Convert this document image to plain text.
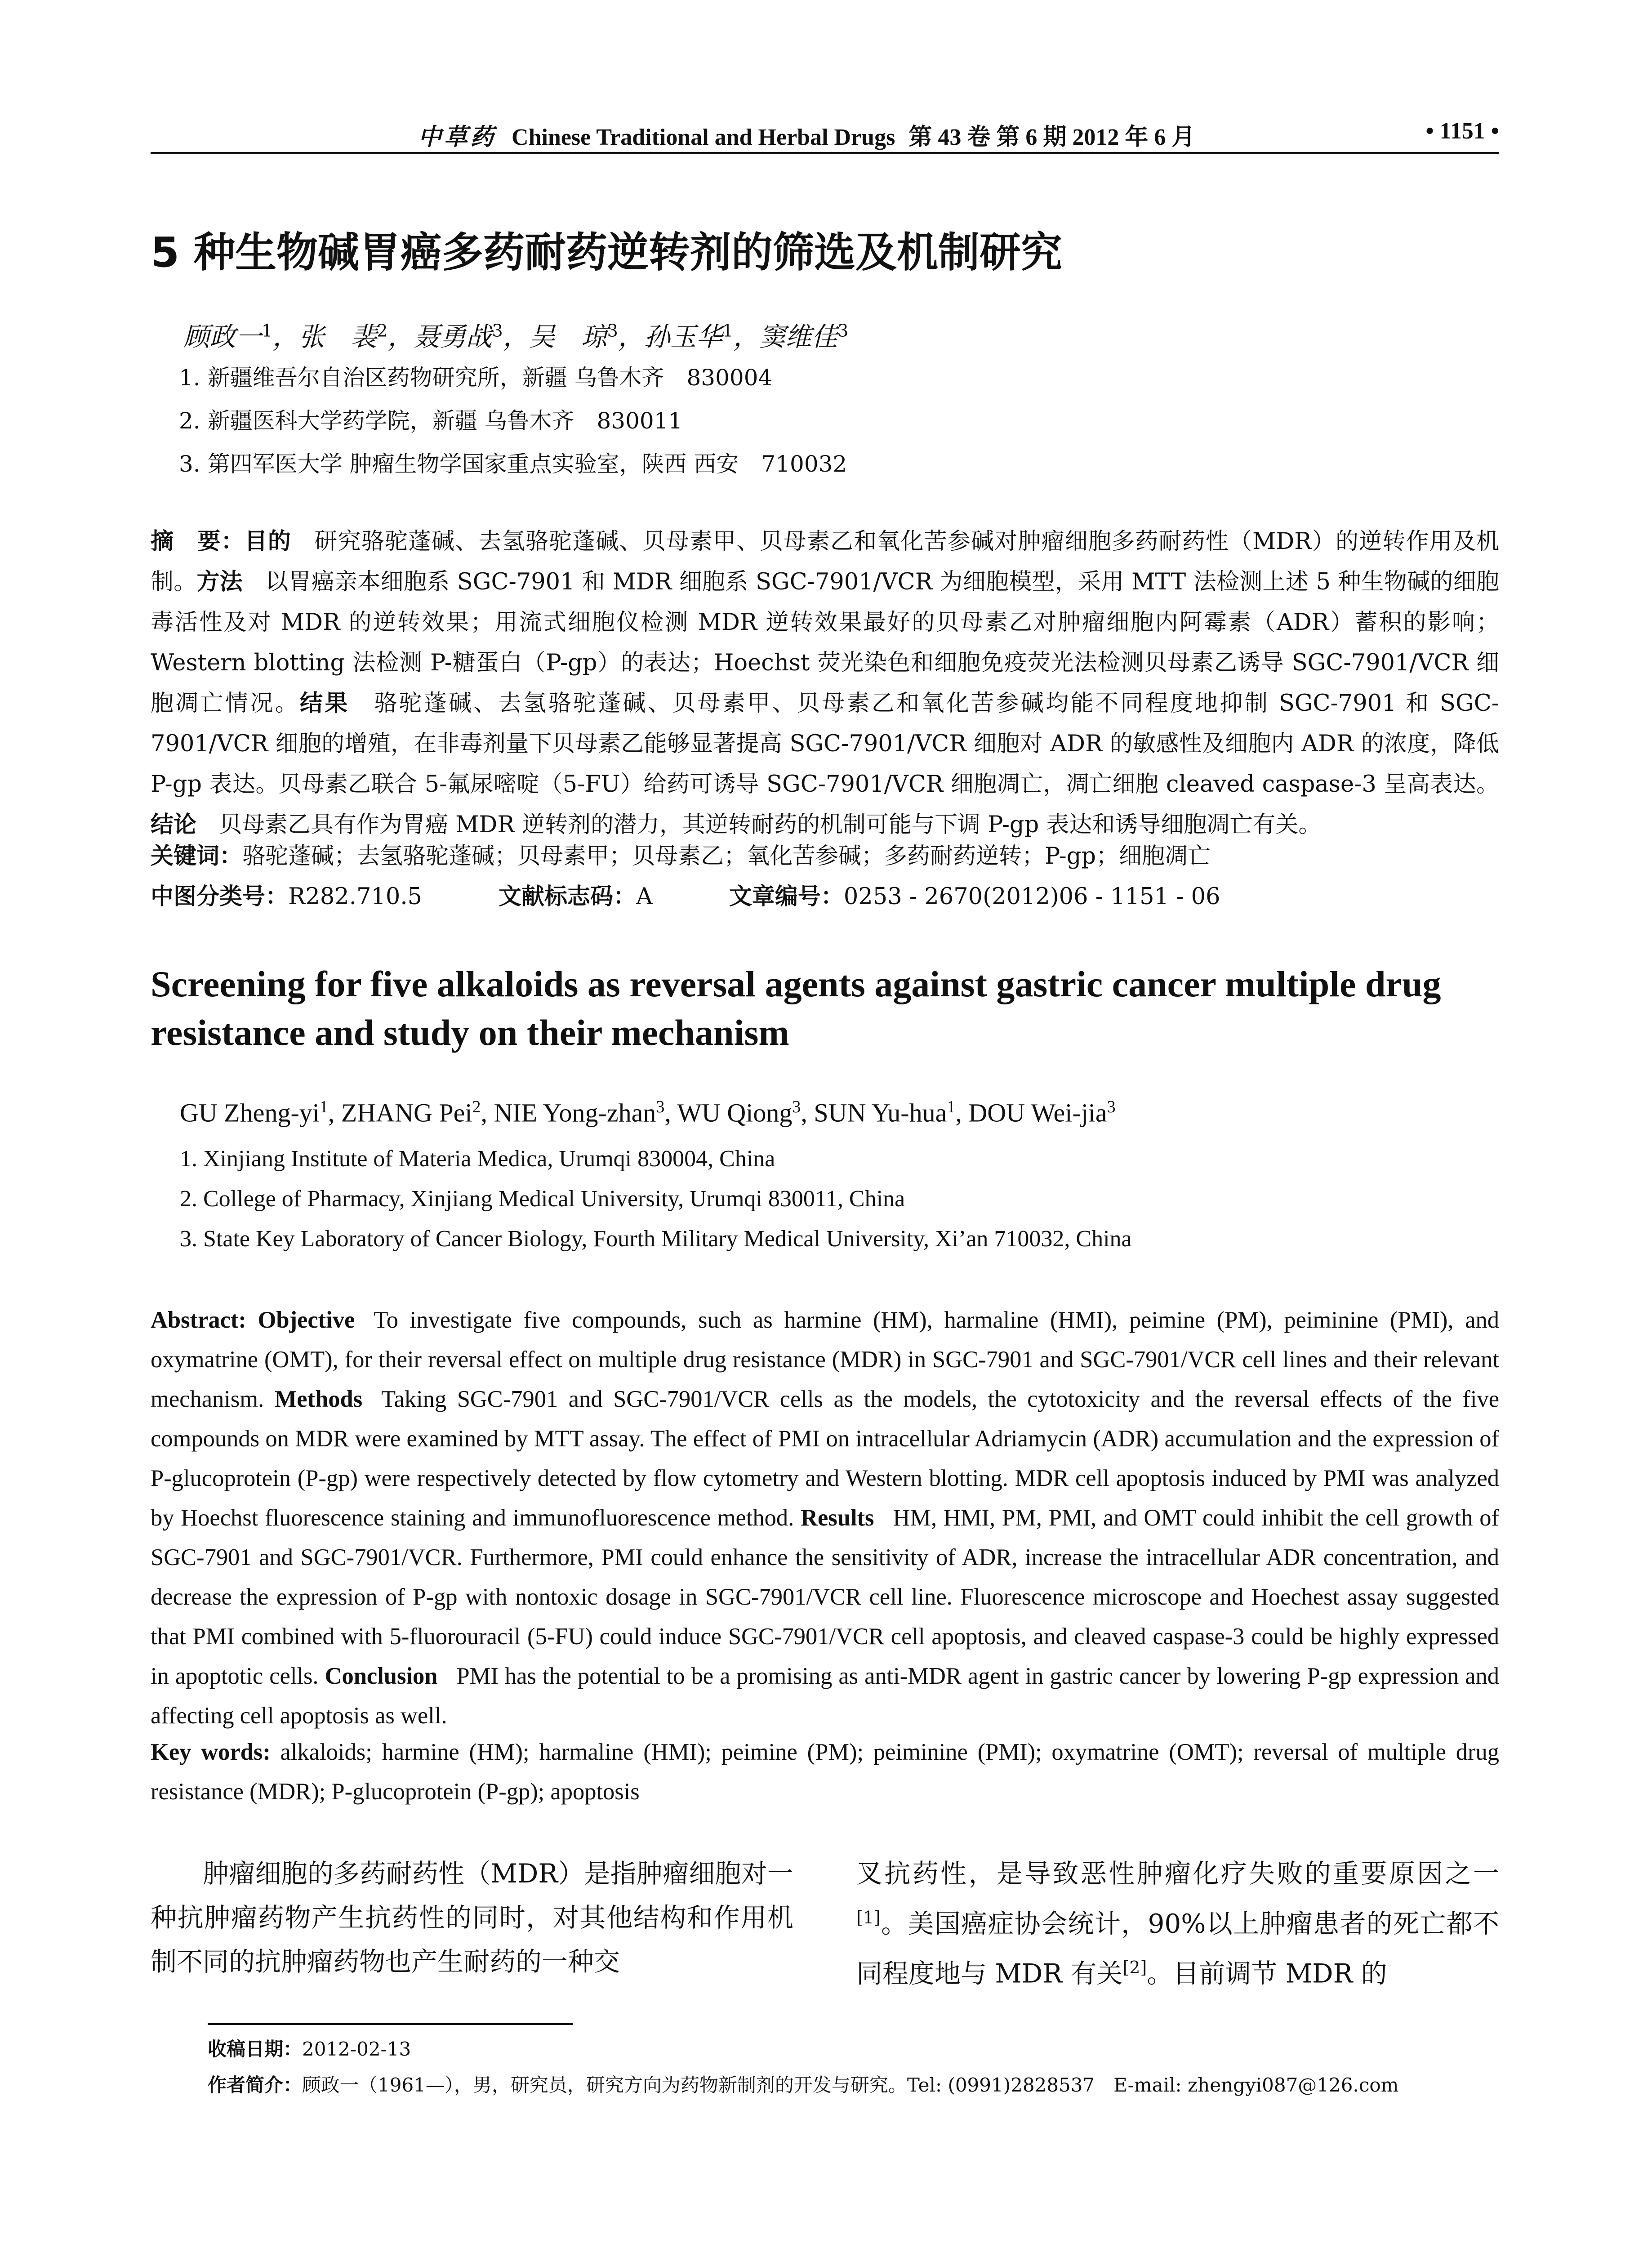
中草药 Chinese Traditional and Herbal Drugs 第 43 卷 第 6 期 2012 年 6 月	• 1151 •
5 种生物碱胃癌多药耐药逆转剂的筛选及机制研究
顾政一$^1$，张　裴$^2$，聂勇战$^3$，吴　琼$^3$，孙玉华$^1$，窦维佳$^3$
1. 新疆维吾尔自治区药物研究所，新疆 乌鲁木齐　830004
2. 新疆医科大学药学院，新疆 乌鲁木齐　830011
3. 第四军医大学 肿瘤生物学国家重点实验室，陕西 西安　710032
摘　要：目的 研究骆驼蓬碱、去氢骆驼蓬碱、贝母素甲、贝母素乙和氧化苦参碱对肿瘤细胞多药耐药性（MDR）的逆转作用及机制。方法 以胃癌亲本细胞系 SGC-7901 和 MDR 细胞系 SGC-7901/VCR 为细胞模型，采用 MTT 法检测上述 5 种生物碱的细胞毒活性及对 MDR 的逆转效果；用流式细胞仪检测 MDR 逆转效果最好的贝母素乙对肿瘤细胞内阿霉素（ADR）蓄积的影响；Western blotting 法检测 P-糖蛋白（P-gp）的表达；Hoechst 荧光染色和细胞免疫荧光法检测贝母素乙诱导 SGC-7901/VCR 细胞凋亡情况。结果 骆驼蓬碱、去氢骆驼蓬碱、贝母素甲、贝母素乙和氧化苦参碱均能不同程度地抑制 SGC-7901 和 SGC-7901/VCR 细胞的增殖，在非毒剂量下贝母素乙能够显著提高 SGC-7901/VCR 细胞对 ADR 的敏感性及细胞内 ADR 的浓度，降低 P-gp 表达。贝母素乙联合 5-氟尿嘧啶（5-FU）给药可诱导 SGC-7901/VCR 细胞凋亡，凋亡细胞 cleaved caspase-3 呈高表达。结论 贝母素乙具有作为胃癌 MDR 逆转剂的潜力，其逆转耐药的机制可能与下调 P-gp 表达和诱导细胞凋亡有关。
关键词：骆驼蓬碱；去氢骆驼蓬碱；贝母素甲；贝母素乙；氧化苦参碱；多药耐药逆转；P-gp；细胞凋亡
中图分类号：R282.710.5	文献标志码：A	文章编号：0253 - 2670(2012)06 - 1151 - 06
Screening for five alkaloids as reversal agents against gastric cancer multiple drug resistance and study on their mechanism
GU Zheng-$yi^1$, ZHANG Pei$^2$, NIE Yong-zhan$^3$, WU Qiong$^3$, SUN Yu-hua$^1$, DOU Wei-jia$^3$
1. Xinjiang Institute of Materia Medica, Urumqi 830004, China
2. College of Pharmacy, Xinjiang Medical University, Urumqi 830011, China
3. State Key Laboratory of Cancer Biology, Fourth Military Medical University, Xi’an 710032, China
Abstract: Objective To investigate five compounds, such as harmine (HM), harmaline (HMI), peimine (PM), peiminine (PMI), and oxymatrine (OMT), for their reversal effect on multiple drug resistance (MDR) in SGC-7901 and SGC-7901/VCR cell lines and their relevant mechanism. Methods Taking SGC-7901 and SGC-7901/VCR cells as the models, the cytotoxicity and the reversal effects of the five compounds on MDR were examined by MTT assay. The effect of PMI on intracellular Adriamycin (ADR) accumulation and the expression of P-glucoprotein (P-gp) were respectively detected by flow cytometry and Western blotting. MDR cell apoptosis induced by PMI was analyzed by Hoechst fluorescence staining and immunofluorescence method. Results HM, HMI, PM, PMI, and OMT could inhibit the cell growth of SGC-7901 and SGC-7901/VCR. Furthermore, PMI could enhance the sensitivity of ADR, increase the intracellular ADR concentration, and decrease the expression of P-gp with nontoxic dosage in SGC-7901/VCR cell line. Fluorescence microscope and Hoechest assay suggested that PMI combined with 5-fluorouracil (5-FU) could induce SGC-7901/VCR cell apoptosis, and cleaved caspase-3 could be highly expressed in apoptotic cells. Conclusion PMI has the potential to be a promising as anti-MDR agent in gastric cancer by lowering P-gp expression and affecting cell apoptosis as well.
Key words: alkaloids; harmine (HM); harmaline (HMI); peimine (PM); peiminine (PMI); oxymatrine (OMT); reversal of multiple drug resistance (MDR); P-glucoprotein (P-gp); apoptosis
肿瘤细胞的多药耐药性（MDR）是指肿瘤细胞对一种抗肿瘤药物产生抗药性的同时，对其他结构和作用机制不同的抗肿瘤药物也产生耐药的一种交
叉抗药性，是导致恶性肿瘤化疗失败的重要原因之一[1]。美国癌症协会统计，90%以上肿瘤患者的死亡都不同程度地与 MDR 有关[2]。目前调节 MDR 的
收稿日期：2012-02-13
作者简介：顾政一（1961—），男，研究员，研究方向为药物新制剂的开发与研究。Tel: (0991)2828537　E-mail: zhengyi087@126.com
